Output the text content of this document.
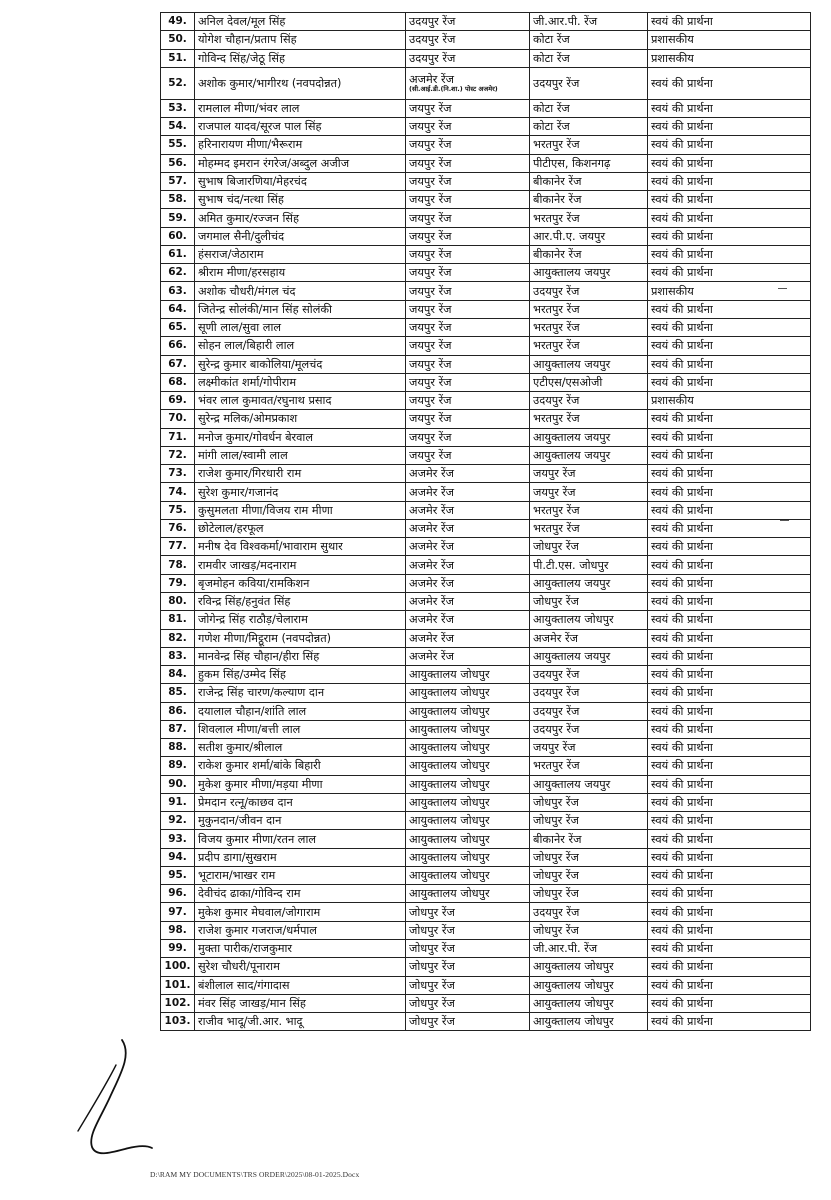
49.	अनिल देवल/मूल सिंह	उदयपुर रेंज	जी.आर.पी. रेंज	स्वयं की प्रार्थना
50.	योगेश चौहान/प्रताप सिंह	उदयपुर रेंज	कोटा रेंज	प्रशासकीय
51.	गोविन्द सिंह/जेठू सिंह	उदयपुर रेंज	कोटा रेंज	प्रशासकीय
52.	अशोक कुमार/भागीरथ (नवपदोन्नत)	अजमेर रेंज
(सी.आई.डी.(नि.शा.) पोस्ट अजमेर)	उदयपुर रेंज	स्वयं की प्रार्थना
53.	रामलाल मीणा/भंवर लाल	जयपुर रेंज	कोटा रेंज	स्वयं की प्रार्थना
54.	राजपाल यादव/सूरज पाल सिंह	जयपुर रेंज	कोटा रेंज	स्वयं की प्रार्थना
55.	हरिनारायण मीणा/भैरूराम	जयपुर रेंज	भरतपुर रेंज	स्वयं की प्रार्थना
56.	मोहम्मद इमरान रंगरेज/अब्दुल अजीज	जयपुर रेंज	पीटीएस, किशनगढ़	स्वयं की प्रार्थना
57.	सुभाष बिजारणिया/मेहरचंद	जयपुर रेंज	बीकानेर रेंज	स्वयं की प्रार्थना
58.	सुभाष चंद/नत्था सिंह	जयपुर रेंज	बीकानेर रेंज	स्वयं की प्रार्थना
59.	अमित कुमार/रज्जन सिंह	जयपुर रेंज	भरतपुर रेंज	स्वयं की प्रार्थना
60.	जगमाल सैनी/दुलीचंद	जयपुर रेंज	आर.पी.ए. जयपुर	स्वयं की प्रार्थना
61.	हंसराज/जेठाराम	जयपुर रेंज	बीकानेर रेंज	स्वयं की प्रार्थना
62.	श्रीराम मीणा/हरसहाय	जयपुर रेंज	आयुक्तालय जयपुर	स्वयं की प्रार्थना
63.	अशोक चौधरी/मंगल चंद	जयपुर रेंज	उदयपुर रेंज	प्रशासकीय
64.	जितेन्द्र सोलंकी/मान सिंह सोलंकी	जयपुर रेंज	भरतपुर रेंज	स्वयं की प्रार्थना
65.	सूणी लाल/सुवा लाल	जयपुर रेंज	भरतपुर रेंज	स्वयं की प्रार्थना
66.	सोहन लाल/बिहारी लाल	जयपुर रेंज	भरतपुर रेंज	स्वयं की प्रार्थना
67.	सुरेन्द्र कुमार बाकोलिया/मूलचंद	जयपुर रेंज	आयुक्तालय जयपुर	स्वयं की प्रार्थना
68.	लक्ष्मीकांत शर्मा/गोपीराम	जयपुर रेंज	एटीएस/एसओजी	स्वयं की प्रार्थना
69.	भंवर लाल कुमावत/रघुनाथ प्रसाद	जयपुर रेंज	उदयपुर रेंज	प्रशासकीय
70.	सुरेन्द्र मलिक/ओमप्रकाश	जयपुर रेंज	भरतपुर रेंज	स्वयं की प्रार्थना
71.	मनोज कुमार/गोवर्धन बेरवाल	जयपुर रेंज	आयुक्तालय जयपुर	स्वयं की प्रार्थना
72.	मांगी लाल/स्वामी लाल	जयपुर रेंज	आयुक्तालय जयपुर	स्वयं की प्रार्थना
73.	राजेश कुमार/गिरधारी राम	अजमेर रेंज	जयपुर रेंज	स्वयं की प्रार्थना
74.	सुरेश कुमार/गजानंद	अजमेर रेंज	जयपुर रेंज	स्वयं की प्रार्थना
75.	कुसुमलता मीणा/विजय राम मीणा	अजमेर रेंज	भरतपुर रेंज	स्वयं की प्रार्थना
76.	छोटेलाल/हरफूल	अजमेर रेंज	भरतपुर रेंज	स्वयं की प्रार्थना
77.	मनीष देव विश्वकर्मा/भावाराम सुथार	अजमेर रेंज	जोधपुर रेंज	स्वयं की प्रार्थना
78.	रामवीर जाखड़/मदनाराम	अजमेर रेंज	पी.टी.एस. जोधपुर	स्वयं की प्रार्थना
79.	बृजमोहन कविया/रामकिशन	अजमेर रेंज	आयुक्तालय जयपुर	स्वयं की प्रार्थना
80.	रविन्द्र सिंह/हनुवंत सिंह	अजमेर रेंज	जोधपुर रेंज	स्वयं की प्रार्थना
81.	जोगेन्द्र सिंह राठौड़/चेलाराम	अजमेर रेंज	आयुक्तालय जोधपुर	स्वयं की प्रार्थना
82.	गणेश मीणा/मिट्ठूराम (नवपदोन्नत)	अजमेर रेंज	अजमेर रेंज	स्वयं की प्रार्थना
83.	मानवेन्द्र सिंह चौहान/हीरा सिंह	अजमेर रेंज	आयुक्तालय जयपुर	स्वयं की प्रार्थना
84.	हुकम सिंह/उम्मेद सिंह	आयुक्तालय जोधपुर	उदयपुर रेंज	स्वयं की प्रार्थना
85.	राजेन्द्र सिंह चारण/कल्याण दान	आयुक्तालय जोधपुर	उदयपुर रेंज	स्वयं की प्रार्थना
86.	दयालाल चौहान/शांति लाल	आयुक्तालय जोधपुर	उदयपुर रेंज	स्वयं की प्रार्थना
87.	शिवलाल मीणा/बत्ती लाल	आयुक्तालय जोधपुर	उदयपुर रेंज	स्वयं की प्रार्थना
88.	सतीश कुमार/श्रीलाल	आयुक्तालय जोधपुर	जयपुर रेंज	स्वयं की प्रार्थना
89.	राकेश कुमार शर्मा/बांके बिहारी	आयुक्तालय जोधपुर	भरतपुर रेंज	स्वयं की प्रार्थना
90.	मुकेश कुमार मीणा/मड़या मीणा	आयुक्तालय जोधपुर	आयुक्तालय जयपुर	स्वयं की प्रार्थना
91.	प्रेमदान रत्नू/काछव दान	आयुक्तालय जोधपुर	जोधपुर रेंज	स्वयं की प्रार्थना
92.	मुकुनदान/जीवन दान	आयुक्तालय जोधपुर	जोधपुर रेंज	स्वयं की प्रार्थना
93.	विजय कुमार मीणा/रतन लाल	आयुक्तालय जोधपुर	बीकानेर रेंज	स्वयं की प्रार्थना
94.	प्रदीप डागा/सुखराम	आयुक्तालय जोधपुर	जोधपुर रेंज	स्वयं की प्रार्थना
95.	भूटाराम/भाखर राम	आयुक्तालय जोधपुर	जोधपुर रेंज	स्वयं की प्रार्थना
96.	देवीचंद ढाका/गोविन्द राम	आयुक्तालय जोधपुर	जोधपुर रेंज	स्वयं की प्रार्थना
97.	मुकेश कुमार मेघवाल/जोगाराम	जोधपुर रेंज	उदयपुर रेंज	स्वयं की प्रार्थना
98.	राजेश कुमार गजराज/धर्मपाल	जोधपुर रेंज	जोधपुर रेंज	स्वयं की प्रार्थना
99.	मुक्ता पारीक/राजकुमार	जोधपुर रेंज	जी.आर.पी. रेंज	स्वयं की प्रार्थना
100.	सुरेश चौधरी/पूनाराम	जोधपुर रेंज	आयुक्तालय जोधपुर	स्वयं की प्रार्थना
101.	बंशीलाल साद/गंगादास	जोधपुर रेंज	आयुक्तालय जोधपुर	स्वयं की प्रार्थना
102.	मंवर सिंह जाखड़/मान सिंह	जोधपुर रेंज	आयुक्तालय जोधपुर	स्वयं की प्रार्थना
103.	राजीव भादू/जी.आर. भादू	जोधपुर रेंज	आयुक्तालय जोधपुर	स्वयं की प्रार्थना
D:\RAM MY DOCUMENTS\TRS ORDER\2025\08-01-2025.Docx
